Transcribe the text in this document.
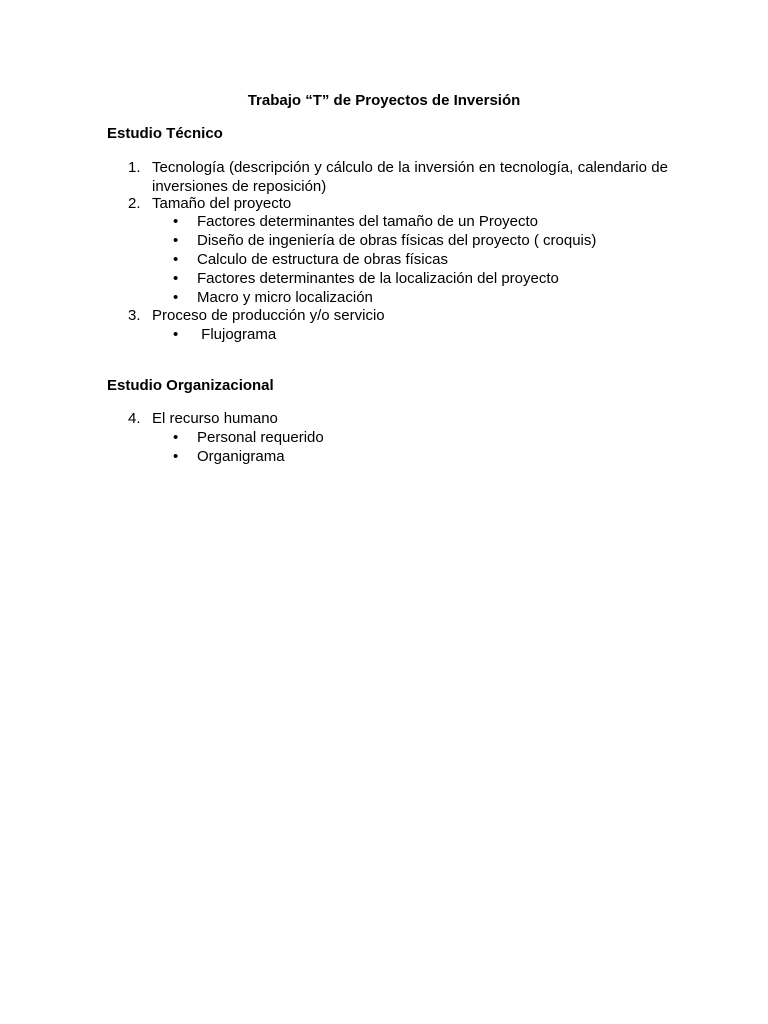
Trabajo “T” de Proyectos de Inversión
Estudio Técnico
1. Tecnología (descripción y cálculo de la inversión en tecnología, calendario de inversiones de reposición)
2. Tamaño del proyecto
•	Factores determinantes del tamaño de un Proyecto
•	Diseño de ingeniería de obras físicas del proyecto ( croquis)
•	Calculo de estructura de obras físicas
•	Factores determinantes de la localización del proyecto
•	Macro y micro localización
3. Proceso de producción y/o servicio
•	Flujograma
Estudio Organizacional
4. El recurso humano
•	Personal requerido
•	Organigrama
